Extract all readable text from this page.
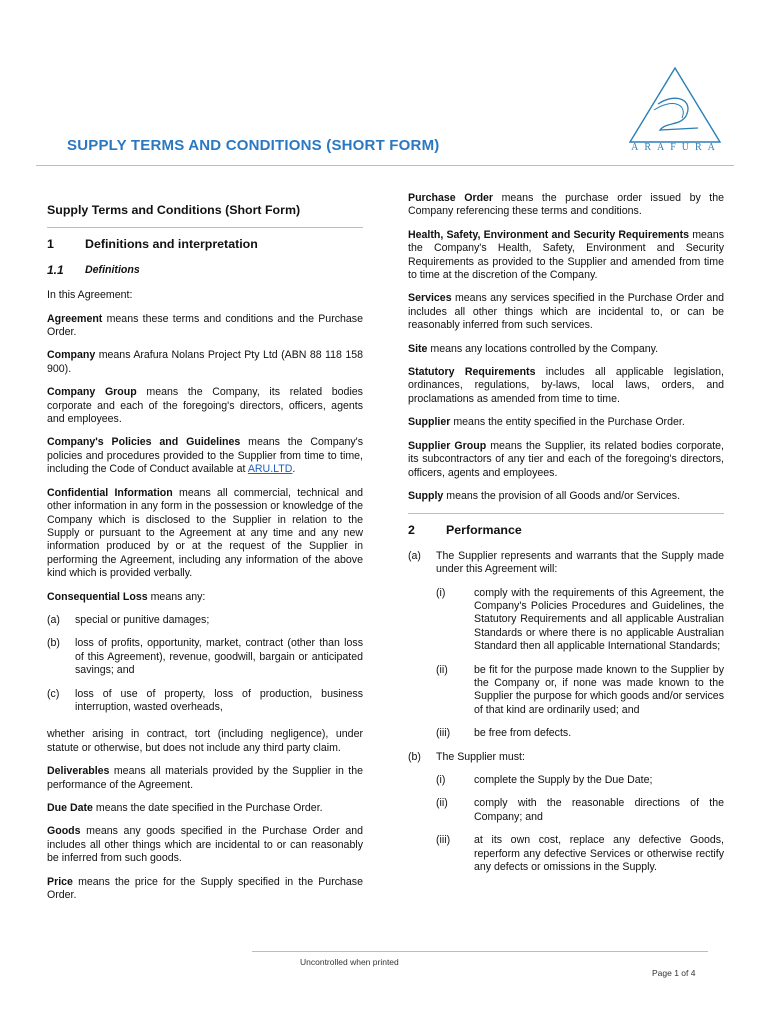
ARAFURA
SUPPLY TERMS AND CONDITIONS (SHORT FORM)
Supply Terms and Conditions (Short Form)
1	Definitions and interpretation
1.1	Definitions

In this Agreement:

Agreement means these terms and conditions and the Purchase Order.

Company means Arafura Nolans Project Pty Ltd (ABN 88 118 158 900).

Company Group means the Company, its related bodies corporate and each of the foregoing's directors, officers, agents and employees.

Company's Policies and Guidelines means the Company's policies and procedures provided to the Supplier from time to time, including the Code of Conduct available at ARU.LTD.

Confidential Information means all commercial, technical and other information in any form in the possession or knowledge of the Company which is disclosed to the Supplier in relation to the Supply or pursuant to the Agreement at any time and any new information produced by or at the request of the Supplier in performing the Agreement, including any information of the above kind which is provided verbally.

Consequential Loss means any:

(a)	special or punitive damages;
(b)	loss of profits, opportunity, market, contract (other than loss of this Agreement), revenue, goodwill, bargain or anticipated savings; and
(c)	loss of use of property, loss of production, business interruption, wasted overheads,

whether arising in contract, tort (including negligence), under statute or otherwise, but does not include any third party claim.

Deliverables means all materials provided by the Supplier in the performance of the Agreement.

Due Date means the date specified in the Purchase Order.

Goods means any goods specified in the Purchase Order and includes all other things which are incidental to or can reasonably be inferred from such goods.

Price means the price for the Supply specified in the Purchase Order.

Purchase Order means the purchase order issued by the Company referencing these terms and conditions.

Health, Safety, Environment and Security Requirements means the Company's Health, Safety, Environment and Security Requirements as provided to the Supplier and amended from time to time at the discretion of the Company.

Services means any services specified in the Purchase Order and includes all other things which are incidental to, or can be reasonably inferred from such services.

Site means any locations controlled by the Company.

Statutory Requirements includes all applicable legislation, ordinances, regulations, by-laws, local laws, orders, and proclamations as amended from time to time.

Supplier means the entity specified in the Purchase Order.

Supplier Group means the Supplier, its related bodies corporate, its subcontractors of any tier and each of the foregoing's directors, officers, agents and employees.

Supply means the provision of all Goods and/or Services.

2	Performance
(a)	The Supplier represents and warrants that the Supply made under this Agreement will:
(i)	comply with the requirements of this Agreement, the Company's Policies Procedures and Guidelines, the Statutory Requirements and all applicable Australian Standards or where there is no applicable Australian Standard then all applicable International Standards;
(ii)	be fit for the purpose made known to the Supplier by the Company or, if none was made known to the Supplier the purpose for which goods and/or services of that kind are ordinarily used; and
(iii)	be free from defects.
(b)	The Supplier must:
(i)	complete the Supply by the Due Date;
(ii)	comply with the reasonable directions of the Company; and
(iii)	at its own cost, replace any defective Goods, reperform any defective Services or otherwise rectify any defects or omissions in the Supply.
Uncontrolled when printed
Page 1 of 4
